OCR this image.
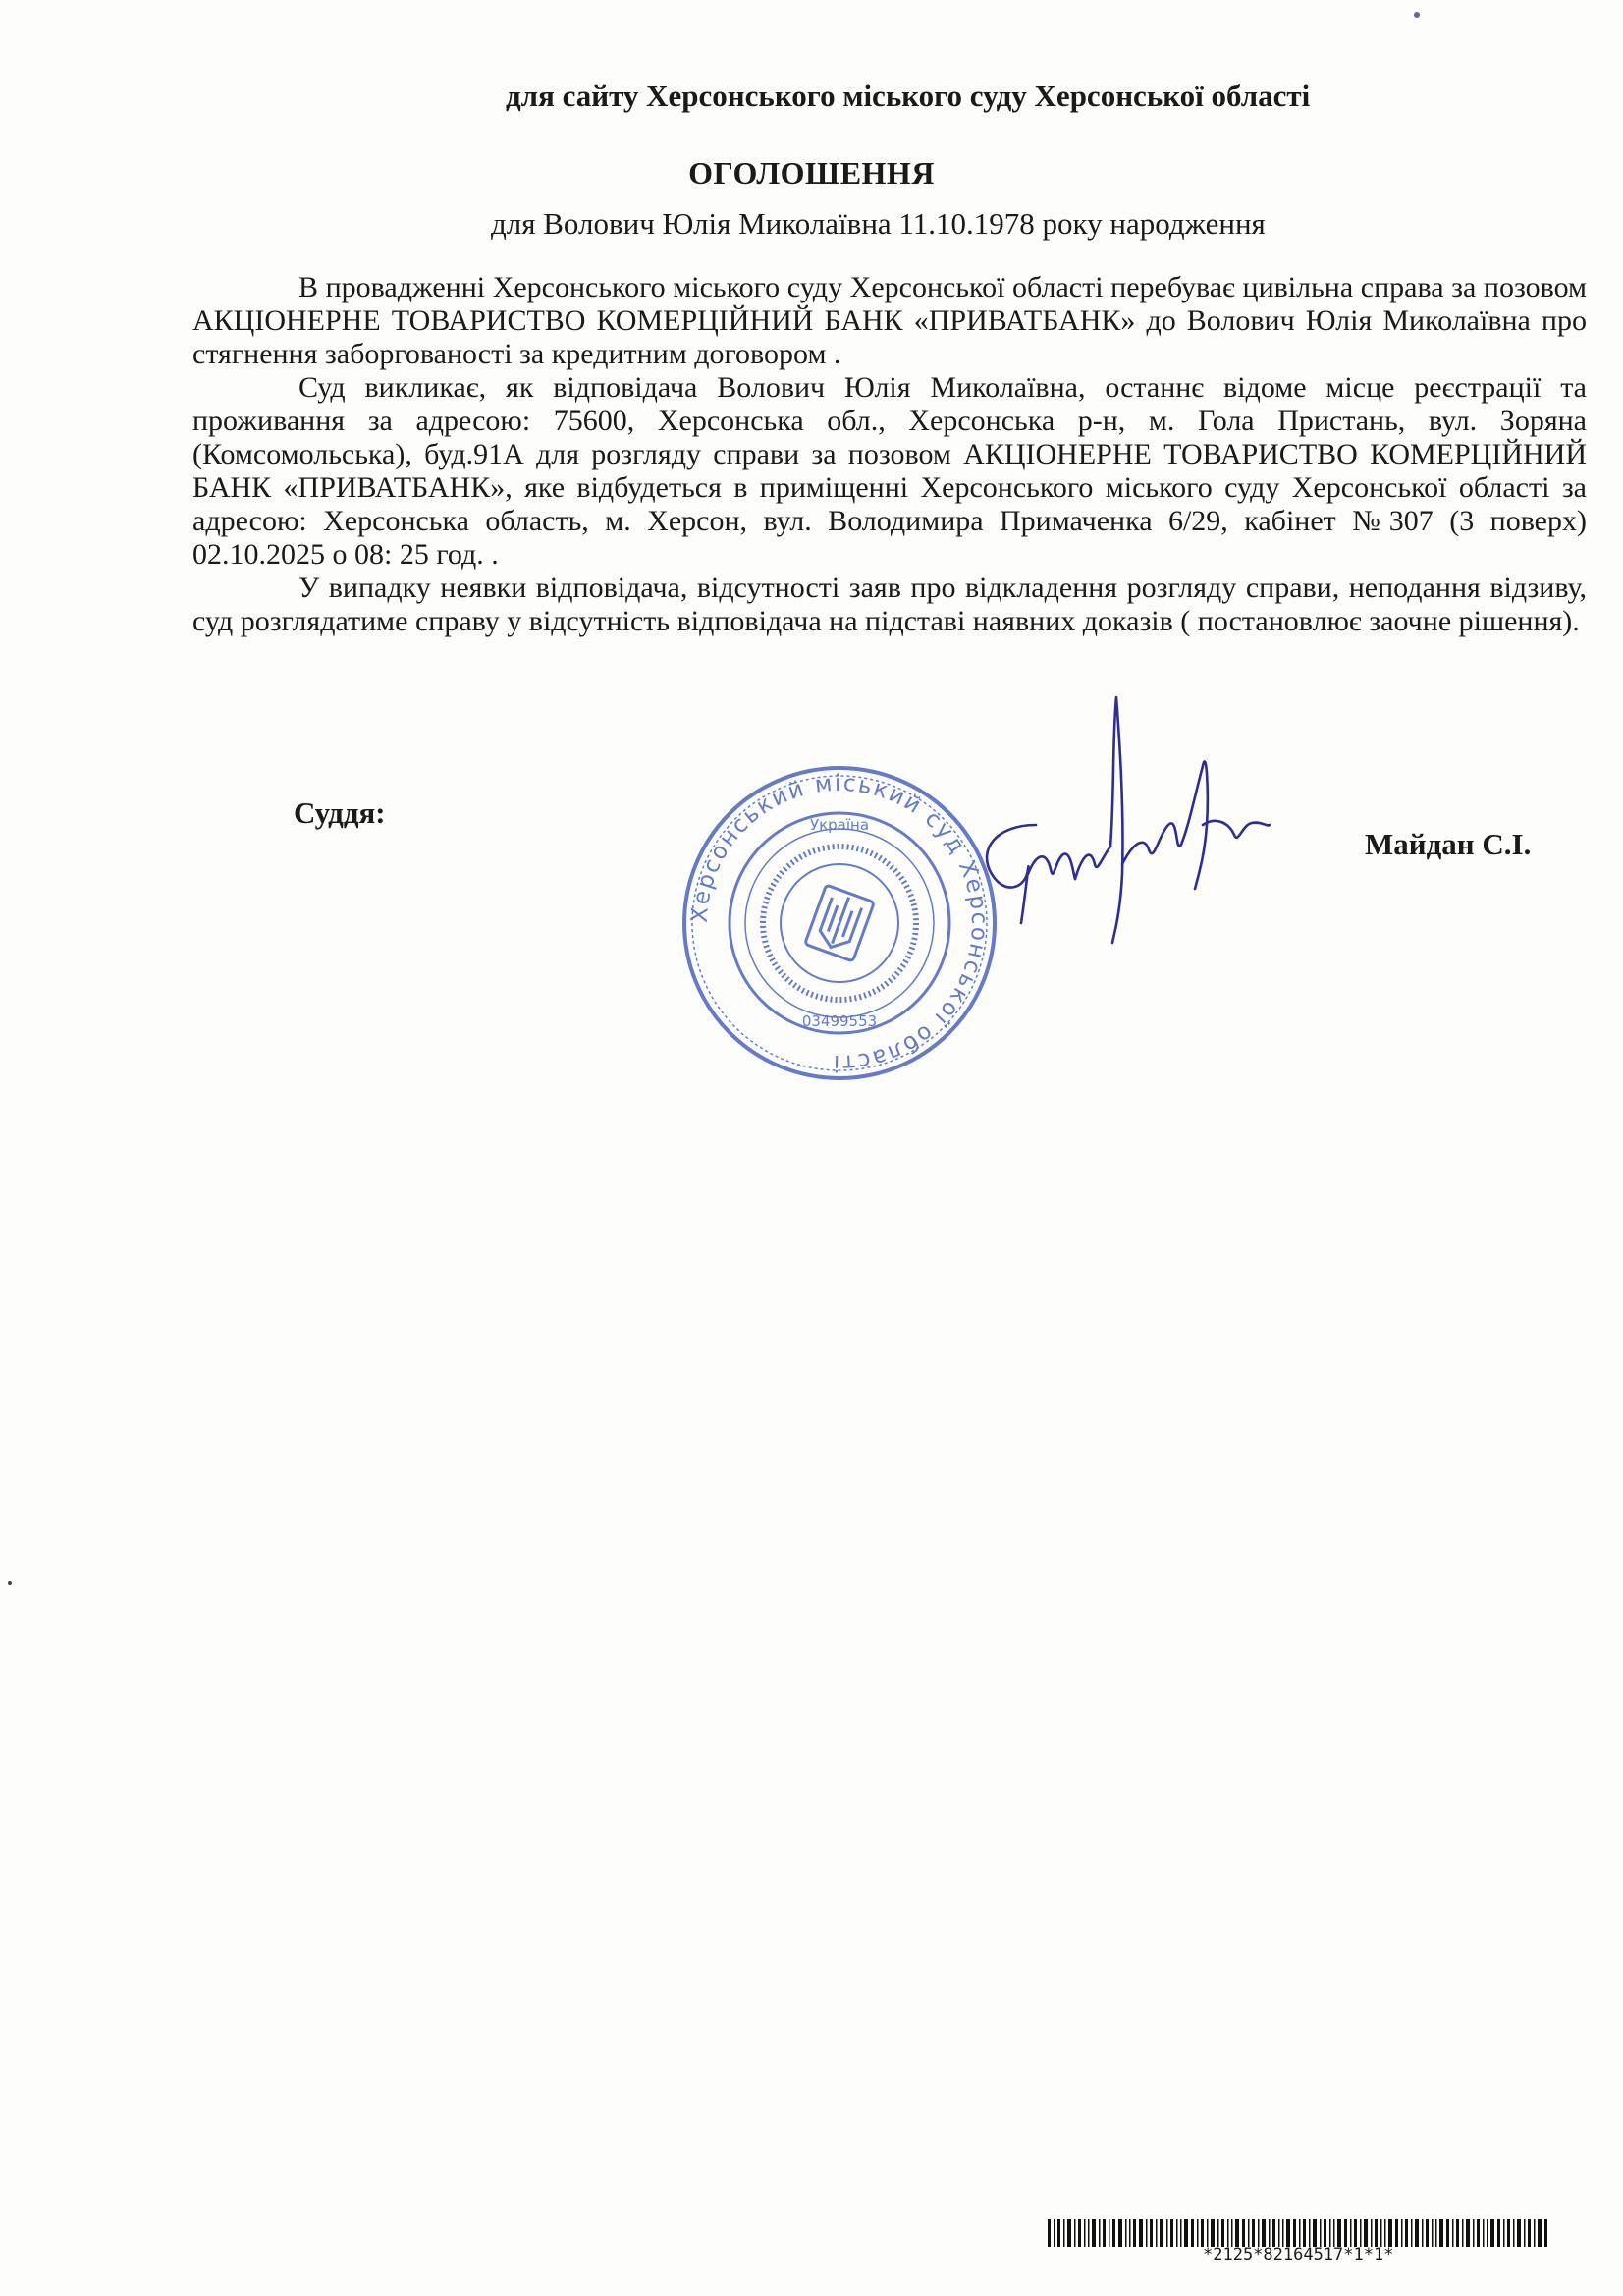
для сайту Херсонського міського суду Херсонської області
ОГОЛОШЕННЯ
для Волович Юлія Миколаївна 11.10.1978 року народження

В провадженні Херсонського міського суду Херсонської області перебуває цивільна справа за позовом АКЦІОНЕРНЕ ТОВАРИСТВО КОМЕРЦІЙНИЙ БАНК «ПРИВАТБАНК» до Волович Юлія Миколаївна про стягнення заборгованості за кредитним договором .

Суд викликає, як відповідача Волович Юлія Миколаївна, останнє відоме місце реєстрації та проживання за адресою: 75600, Херсонська обл., Херсонська р-н, м. Гола Пристань, вул. Зоряна (Комсомольська), буд.91А для розгляду справи за позовом АКЦІОНЕРНЕ ТОВАРИСТВО КОМЕРЦІЙНИЙ БАНК «ПРИВАТБАНК», яке відбудеться в приміщенні Херсонського міського суду Херсонської області за адресою: Херсонська область, м. Херсон, вул. Володимира Примаченка 6/29, кабінет №307 (3 поверх) 02.10.2025 о 08: 25 год. .

У випадку неявки відповідача, відсутності заяв про відкладення розгляду справи, неподання відзиву, суд розглядатиме справу у відсутність відповідача на підставі наявних доказів ( постановлює заочне рішення).

Суддя:
Херсонський міський суд Херсонської області
Україна
03499553
Майдан С.І.
*2125*82164517*1*1*
